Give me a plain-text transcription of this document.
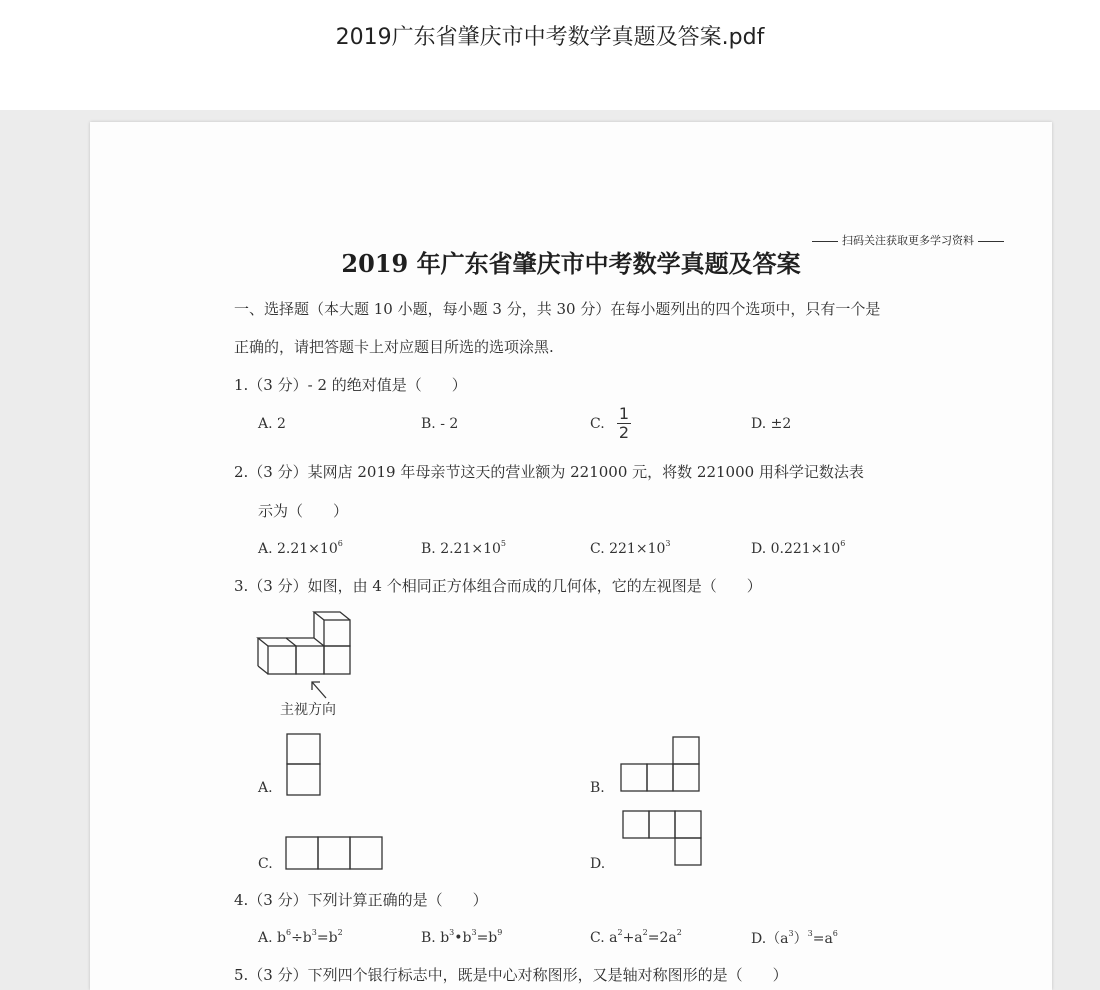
2019广东省肇庆市中考数学真题及答案.pdf
扫码关注获取更多学习资料
2019 年广东省肇庆市中考数学真题及答案
一、选择题（本大题 10 小题，每小题 3 分，共 30 分）在每小题列出的四个选项中，只有一个是
正确的，请把答题卡上对应题目所选的选项涂黑.
1.（3 分）- 2 的绝对值是（　　）
A. 2	B. - 2	C.
1
2	D. ±2
2.（3 分）某网店 2019 年母亲节这天的营业额为 221000 元，将数 221000 用科学记数法表
示为（　　）
A. $2.21\times 10^6$	B. $2.21\times 10^5$	C. $221\times 10^3$	D. $0.221\times 10^6$
3.（3 分）如图，由 4 个相同正方体组合而成的几何体，它的左视图是（　　）
主视方向
A.	B.
C.	D.
4.（3 分）下列计算正确的是（　　）
A. $b^6\div b^3=b^2$	B. $b^3•b^3=b^9$	C. $a^2+a^2=2a^2$	$D.(a^3)^3=a^6$
5.（3 分）下列四个银行标志中，既是中心对称图形，又是轴对称图形的是（　　）
